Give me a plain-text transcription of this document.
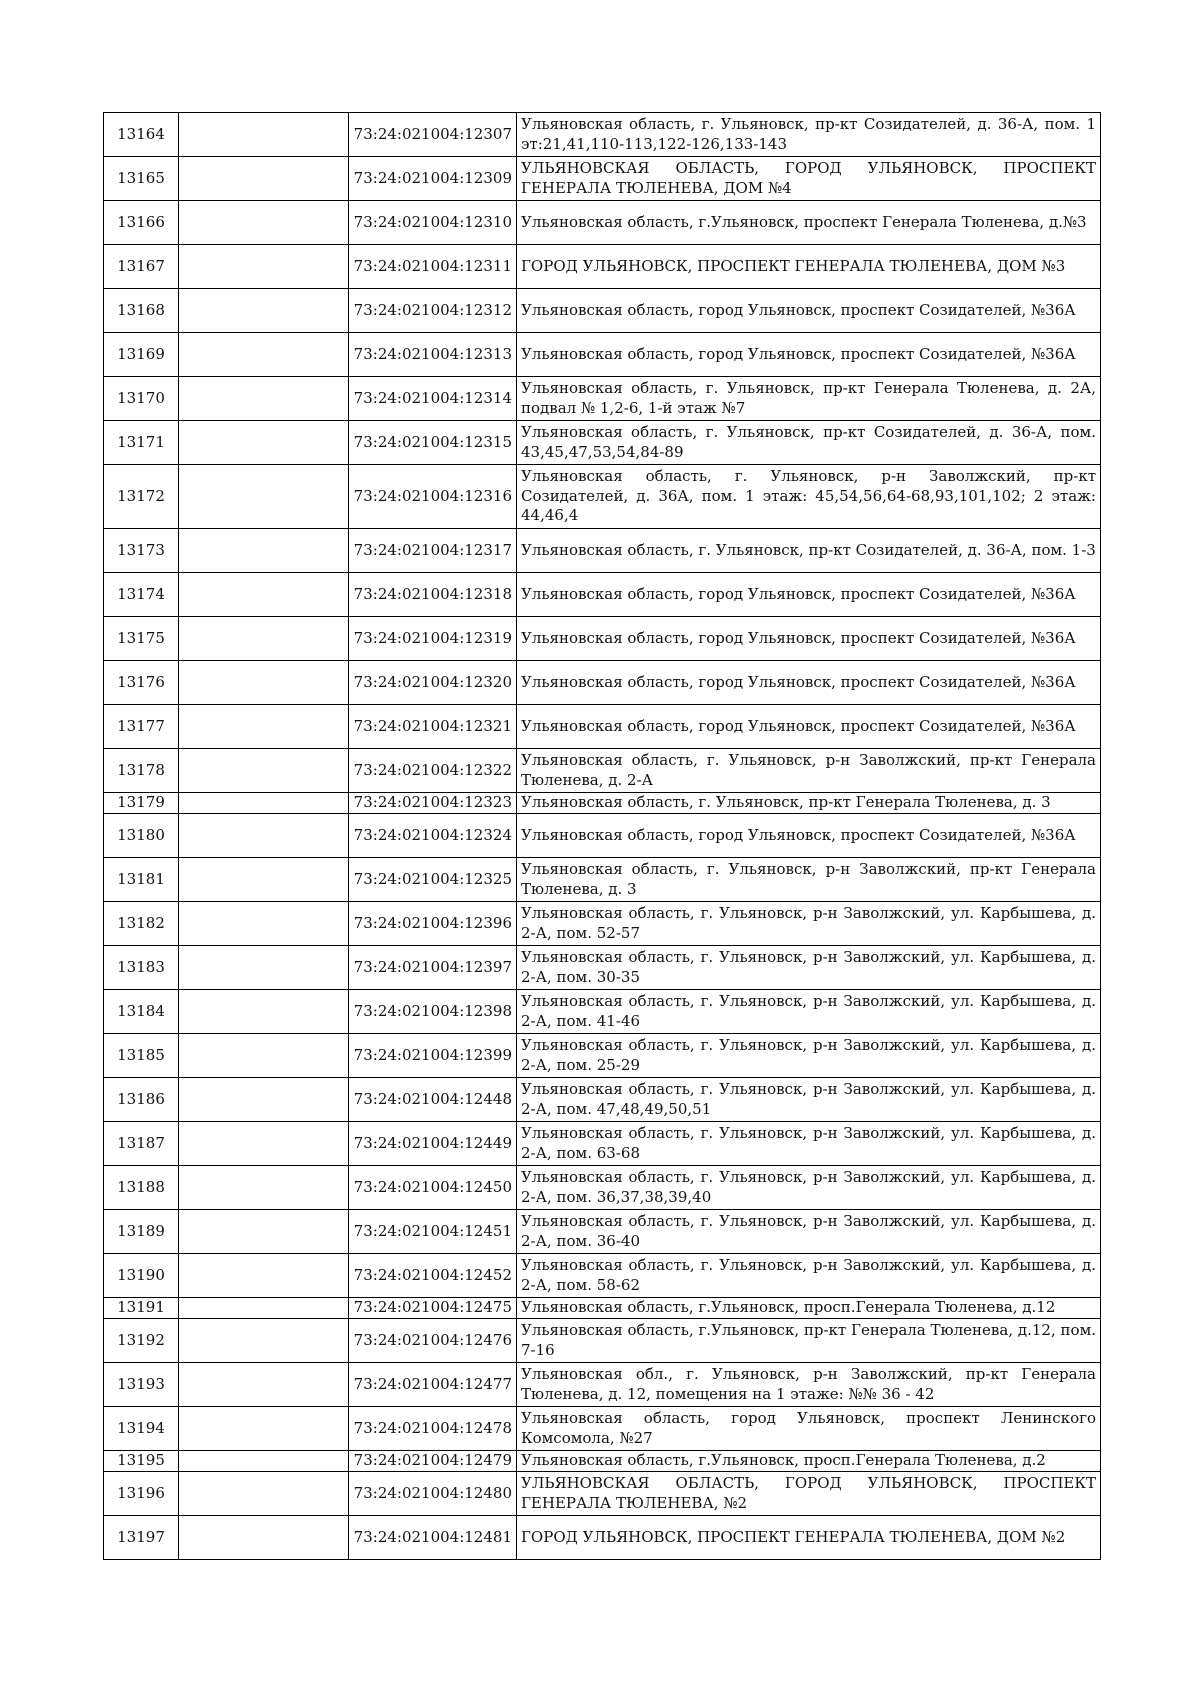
13164		73:24:021004:12307	Ульяновская область, г. Ульяновск, пр-кт Созидателей, д. 36-А, пом. 1 эт:21,41,110-113,122-126,133-143
13165		73:24:021004:12309	УЛЬЯНОВСКАЯ ОБЛАСТЬ, ГОРОД УЛЬЯНОВСК, ПРОСПЕКТ ГЕНЕРАЛА ТЮЛЕНЕВА, ДОМ №4
13166		73:24:021004:12310	Ульяновская область, г.Ульяновск, проспект Генерала Тюленева, д.№3
13167		73:24:021004:12311	ГОРОД УЛЬЯНОВСК, ПРОСПЕКТ ГЕНЕРАЛА ТЮЛЕНЕВА, ДОМ №3
13168		73:24:021004:12312	Ульяновская область, город Ульяновск, проспект Созидателей, №36А
13169		73:24:021004:12313	Ульяновская область, город Ульяновск, проспект Созидателей, №36А
13170		73:24:021004:12314	Ульяновская область, г. Ульяновск, пр-кт Генерала Тюленева, д. 2А, подвал № 1,2-6, 1-й этаж №7
13171		73:24:021004:12315	Ульяновская область, г. Ульяновск, пр-кт Созидателей, д. 36-А, пом. 43,45,47,53,54,84-89
13172		73:24:021004:12316	Ульяновская область, г. Ульяновск, р-н Заволжский, пр-кт Созидателей, д. 36А, пом. 1 этаж: 45,54,56,64-68,93,101,102; 2 этаж: 44,46,4
13173		73:24:021004:12317	Ульяновская область, г. Ульяновск, пр-кт Созидателей, д. 36-А, пом. 1-3
13174		73:24:021004:12318	Ульяновская область, город Ульяновск, проспект Созидателей, №36А
13175		73:24:021004:12319	Ульяновская область, город Ульяновск, проспект Созидателей, №36А
13176		73:24:021004:12320	Ульяновская область, город Ульяновск, проспект Созидателей, №36А
13177		73:24:021004:12321	Ульяновская область, город Ульяновск, проспект Созидателей, №36А
13178		73:24:021004:12322	Ульяновская область, г. Ульяновск, р-н Заволжский, пр-кт Генерала Тюленева, д. 2-А
13179		73:24:021004:12323	Ульяновская область, г. Ульяновск, пр-кт Генерала Тюленева, д. 3
13180		73:24:021004:12324	Ульяновская область, город Ульяновск, проспект Созидателей, №36А
13181		73:24:021004:12325	Ульяновская область, г. Ульяновск, р-н Заволжский, пр-кт Генерала Тюленева, д. 3
13182		73:24:021004:12396	Ульяновская область, г. Ульяновск, р-н Заволжский, ул. Карбышева, д. 2-А, пом. 52-57
13183		73:24:021004:12397	Ульяновская область, г. Ульяновск, р-н Заволжский, ул. Карбышева, д. 2-А, пом. 30-35
13184		73:24:021004:12398	Ульяновская область, г. Ульяновск, р-н Заволжский, ул. Карбышева, д. 2-А, пом. 41-46
13185		73:24:021004:12399	Ульяновская область, г. Ульяновск, р-н Заволжский, ул. Карбышева, д. 2-А, пом. 25-29
13186		73:24:021004:12448	Ульяновская область, г. Ульяновск, р-н Заволжский, ул. Карбышева, д. 2-А, пом. 47,48,49,50,51
13187		73:24:021004:12449	Ульяновская область, г. Ульяновск, р-н Заволжский, ул. Карбышева, д. 2-А, пом. 63-68
13188		73:24:021004:12450	Ульяновская область, г. Ульяновск, р-н Заволжский, ул. Карбышева, д. 2-А, пом. 36,37,38,39,40
13189		73:24:021004:12451	Ульяновская область, г. Ульяновск, р-н Заволжский, ул. Карбышева, д. 2-А, пом. 36-40
13190		73:24:021004:12452	Ульяновская область, г. Ульяновск, р-н Заволжский, ул. Карбышева, д. 2-А, пом. 58-62
13191		73:24:021004:12475	Ульяновская область, г.Ульяновск, просп.Генерала Тюленева, д.12
13192		73:24:021004:12476	Ульяновская область, г.Ульяновск, пр-кт Генерала Тюленева, д.12, пом. 7-16
13193		73:24:021004:12477	Ульяновская обл., г. Ульяновск, р-н Заволжский, пр-кт Генерала Тюленева, д. 12, помещения на 1 этаже: №№ 36 - 42
13194		73:24:021004:12478	Ульяновская область, город Ульяновск, проспект Ленинского Комсомола, №27
13195		73:24:021004:12479	Ульяновская область, г.Ульяновск, просп.Генерала Тюленева, д.2
13196		73:24:021004:12480	УЛЬЯНОВСКАЯ ОБЛАСТЬ, ГОРОД УЛЬЯНОВСК, ПРОСПЕКТ ГЕНЕРАЛА ТЮЛЕНЕВА, №2
13197		73:24:021004:12481	ГОРОД УЛЬЯНОВСК, ПРОСПЕКТ ГЕНЕРАЛА ТЮЛЕНЕВА, ДОМ №2
